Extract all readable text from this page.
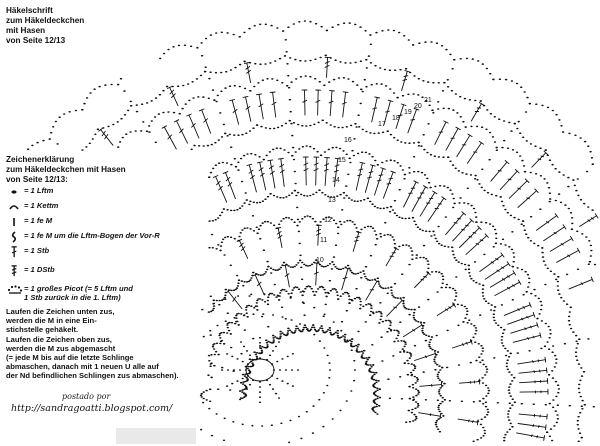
10
11
12
13
14
15
16
17
18
19
20
21
Häkelschrift
zum Häkeldeckchen
mit Hasen
von Seite 12/13
Zeichenerklärung
zum Häkeldeckchen mit Hasen
von Seite 12/13:
= 1 Lftm
= 1 Kettm
= 1 fe M
= 1 fe M um die Lftm-Bogen der Vor-R
= 1 Stb
= 1 DStb
= 1 großes Picot (= 5 Lftm und
1 Stb zurück in die 1. Lftm)
Laufen die Zeichen unten zus,
werden die M in eine Ein-
stichstelle gehäkelt.
Laufen die Zeichen oben zus,
werden die M zus abgemascht
(= jede M bis auf die letzte Schlinge
abmaschen, danach mit 1 neuen U alle auf
der Nd befindlichen Schlingen zus abmaschen).
postado por
http://sandragoatti.blogspot.com/
